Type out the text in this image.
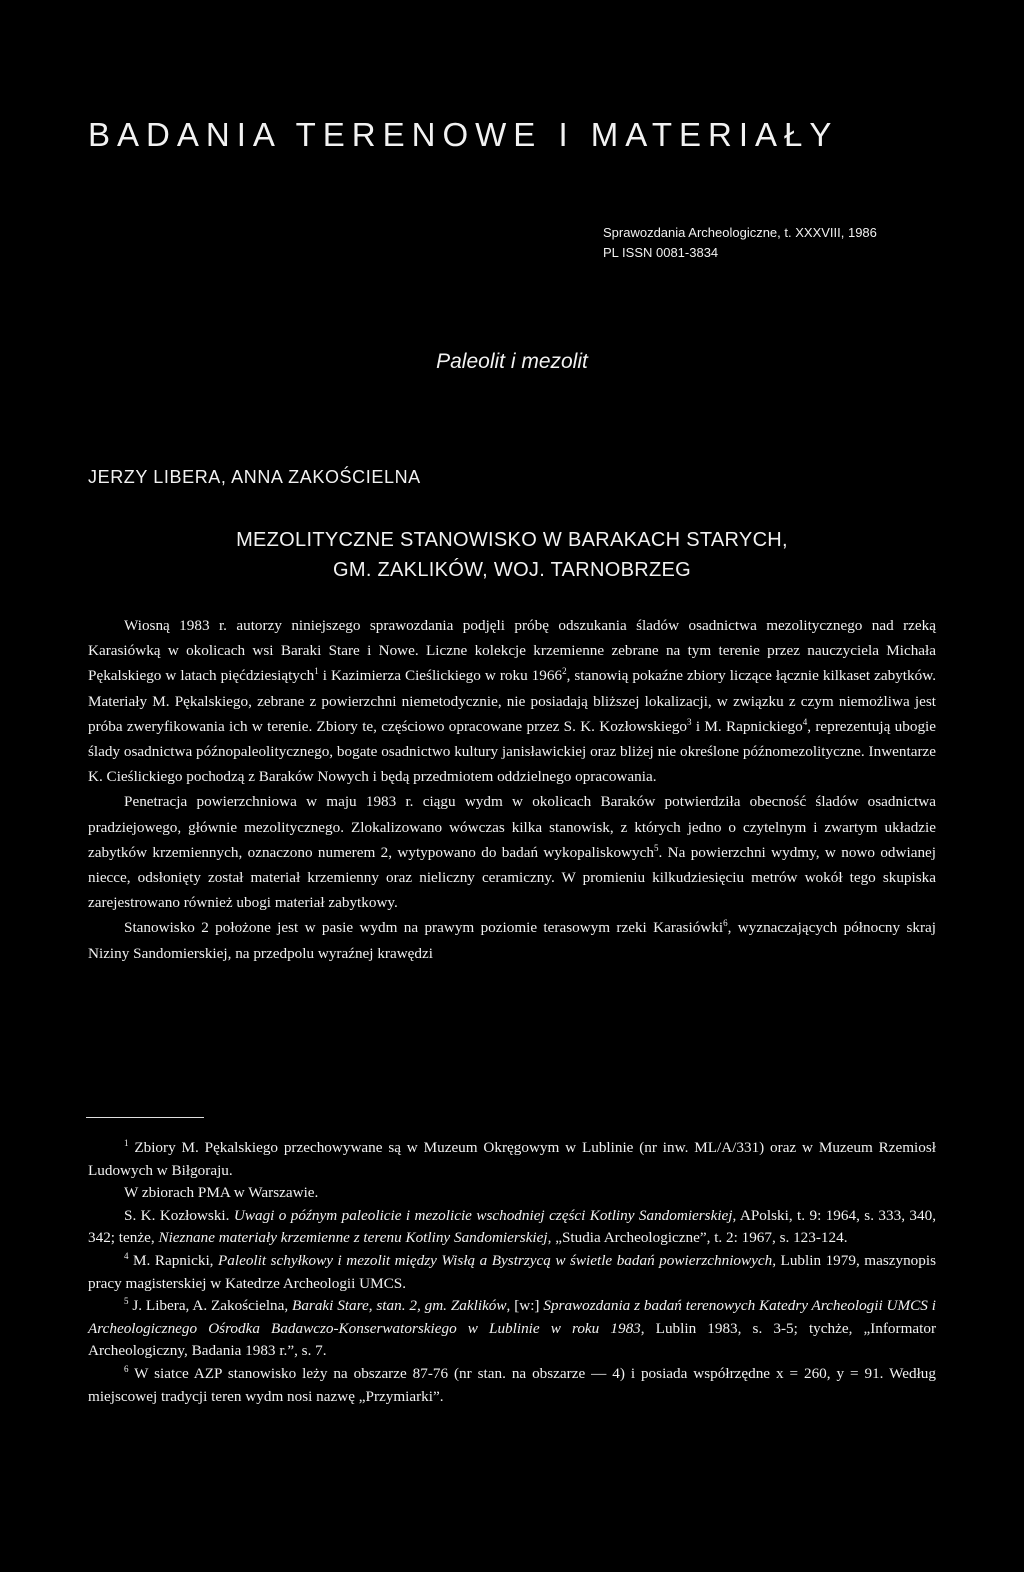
BADANIA TERENOWE I MATERIAŁY
Sprawozdania Archeologiczne, t. XXXVIII, 1986
PL ISSN 0081-3834
Paleolit i mezolit
JERZY LIBERA, ANNA ZAKOŚCIELNA
MEZOLITYCZNE STANOWISKO W BARAKACH STARYCH,
GM. ZAKLIKÓW, WOJ. TARNOBRZEG

Wiosną 1983 r. autorzy niniejszego sprawozdania podjęli próbę odszukania śladów osadnictwa mezolitycznego nad rzeką Karasiówką w okolicach wsi Baraki Stare i Nowe. Liczne kolekcje krzemienne zebrane na tym terenie przez nauczyciela Michała Pękalskiego w latach pięćdziesiątych$^1$ i Kazimierza Cieślickiego w roku 1966$^2$, stanowią pokaźne zbiory liczące łącznie kilkaset zabytków. Materiały M. Pękalskiego, zebrane z powierzchni niemetodycznie, nie posiadają bliższej lokalizacji, w związku z czym niemożliwa jest próba zweryfikowania ich w terenie. Zbiory te, częściowo opracowane przez S. K. Kozłowskiego$^3$ i M. Rapnickiego$^4$, reprezentują ubogie ślady osadnictwa późnopaleolitycznego, bogate osadnictwo kultury janisławickiej oraz bliżej nie określone późnomezolityczne. Inwentarze K. Cieślickiego pochodzą z Baraków Nowych i będą przedmiotem oddzielnego opracowania.

Penetracja powierzchniowa w maju 1983 r. ciągu wydm w okolicach Baraków potwierdziła obecność śladów osadnictwa pradziejowego, głównie mezolitycznego. Zlokalizowano wówczas kilka stanowisk, z których jedno o czytelnym i zwartym układzie zabytków krzemiennych, oznaczono numerem 2, wytypowano do badań wykopaliskowych$^5$. Na powierzchni wydmy, w nowo odwianej niecce, odsłonięty został materiał krzemienny oraz nieliczny ceramiczny. W promieniu kilkudziesięciu metrów wokół tego skupiska zarejestrowano również ubogi materiał zabytkowy.

Stanowisko 2 położone jest w pasie wydm na prawym poziomie terasowym rzeki Karasiówki$^6$, wyznaczających północny skraj Niziny Sandomierskiej, na przedpolu wyraźnej krawędzi

$^1$ Zbiory M. Pękalskiego przechowywane są w Muzeum Okręgowym w Lublinie (nr inw. ML/A/331) oraz w Muzeum Rzemiosł Ludowych w Biłgoraju.

W zbiorach PMA w Warszawie.

S. K. Kozłowski. Uwagi o późnym paleolicie i mezolicie wschodniej części Kotliny Sandomierskiej, APolski, t. 9: 1964, s. 333, 340, 342; tenże, Nieznane materiały krzemienne z terenu Kotliny Sandomierskiej, „Studia Archeologiczne”, t. 2: 1967, s. 123-124.

$^4$ M. Rapnicki, Paleolit schyłkowy i mezolit między Wisłą a Bystrzycą w świetle badań powierzchniowych, Lublin 1979, maszynopis pracy magisterskiej w Katedrze Archeologii UMCS.

$^5$ J. Libera, A. Zakościelna, Baraki Stare, stan. 2, gm. Zaklików, [w:] Sprawozdania z badań terenowych Katedry Archeologii UMCS i Archeologicznego Ośrodka Badawczo-Konserwatorskiego w Lublinie w roku 1983, Lublin 1983, s. 3-5; tychże, „Informator Archeologiczny, Badania 1983 r.”, s. 7.

$^6$ W siatce AZP stanowisko leży na obszarze 87-76 (nr stan. na obszarze — 4) i posiada współrzędne x = 260, y = 91. Według miejscowej tradycji teren wydm nosi nazwę „Przymiarki”.
